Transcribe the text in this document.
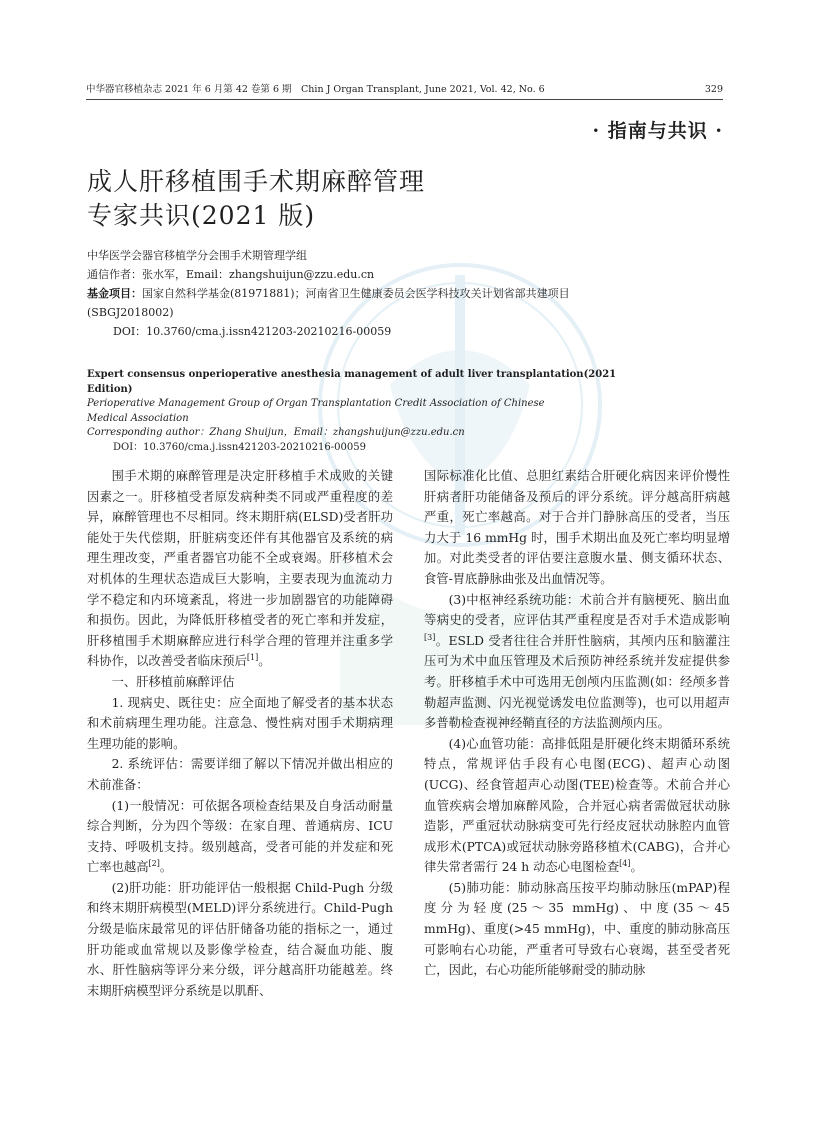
中华器官移植杂志 2021 年 6 月第 42 卷第 6 期　Chin J Organ Transplant, June 2021, Vol. 42, No. 6	329
· 指南与共识 ·
成人肝移植围手术期麻醉管理
专家共识(2021 版)
中华医学会器官移植学分会围手术期管理学组
通信作者：张水军，Email：zhangshuijun@zzu.edu.cn
基金项目：国家自然科学基金(81971881)；河南省卫生健康委员会医学科技攻关计划省部共建项目
(SBGJ2018002)
DOI：10.3760/cma.j.issn421203-20210216-00059
Expert consensus onperioperative anesthesia management of adult liver transplantation(2021 Edition)
Perioperative Management Group of Organ Transplantation Credit Association of Chinese
Medical Association
Corresponding author：Zhang Shuijun，Email：zhangshuijun@zzu.edu.cn
DOI：10.3760/cma.j.issn421203-20210216-00059

围手术期的麻醉管理是决定肝移植手术成败的关键因素之一。肝移植受者原发病种类不同或严重程度的差异，麻醉管理也不尽相同。终末期肝病(ELSD)受者肝功能处于失代偿期，肝脏病变还伴有其他器官及系统的病理生理改变，严重者器官功能不全或衰竭。肝移植术会对机体的生理状态造成巨大影响，主要表现为血流动力学不稳定和内环境紊乱，将进一步加剧器官的功能障碍和损伤。因此，为降低肝移植受者的死亡率和并发症，肝移植围手术期麻醉应进行科学合理的管理并注重多学科协作，以改善受者临床预后[1]。

一、肝移植前麻醉评估

1. 现病史、既往史：应全面地了解受者的基本状态和术前病理生理功能。注意急、慢性病对围手术期病理生理功能的影响。

2. 系统评估：需要详细了解以下情况并做出相应的术前准备：

(1)一般情况：可依据各项检查结果及自身活动耐量综合判断，分为四个等级：在家自理、普通病房、ICU 支持、呼吸机支持。级别越高，受者可能的并发症和死亡率也越高[2]。

(2)肝功能：肝功能评估一般根据 Child-Pugh 分级和终末期肝病模型(MELD)评分系统进行。Child-Pugh 分级是临床最常见的评估肝储备功能的指标之一，通过肝功能或血常规以及影像学检查，结合凝血功能、腹水、肝性脑病等评分来分级，评分越高肝功能越差。终末期肝病模型评分系统是以肌酐、

国际标准化比值、总胆红素结合肝硬化病因来评价慢性肝病者肝功能储备及预后的评分系统。评分越高肝病越严重，死亡率越高。对于合并门静脉高压的受者，当压力大于 16 mmHg 时，围手术期出血及死亡率均明显增加。对此类受者的评估要注意腹水量、侧支循环状态、食管-胃底静脉曲张及出血情况等。

(3)中枢神经系统功能：术前合并有脑梗死、脑出血等病史的受者，应评估其严重程度是否对手术造成影响[3]。ESLD 受者往往合并肝性脑病，其颅内压和脑灌注压可为术中血压管理及术后预防神经系统并发症提供参考。肝移植手术中可选用无创颅内压监测(如：经颅多普勒超声监测、闪光视觉诱发电位监测等)，也可以用超声多普勒检查视神经鞘直径的方法监测颅内压。

(4)心血管功能：高排低阻是肝硬化终末期循环系统特点，常规评估手段有心电图(ECG)、超声心动图(UCG)、经食管超声心动图(TEE)检查等。术前合并心血管疾病会增加麻醉风险，合并冠心病者需做冠状动脉造影，严重冠状动脉病变可先行经皮冠状动脉腔内血管成形术(PTCA)或冠状动脉旁路移植术(CABG)，合并心律失常者需行 24 h 动态心电图检查[4]。

(5)肺功能：肺动脉高压按平均肺动脉压(mPAP)程度分为轻度(25～35 mmHg)、中度(35～45 mmHg)、重度(>45 mmHg)，中、重度的肺动脉高压可影响右心功能，严重者可导致右心衰竭，甚至受者死亡，因此，右心功能所能够耐受的肺动脉
